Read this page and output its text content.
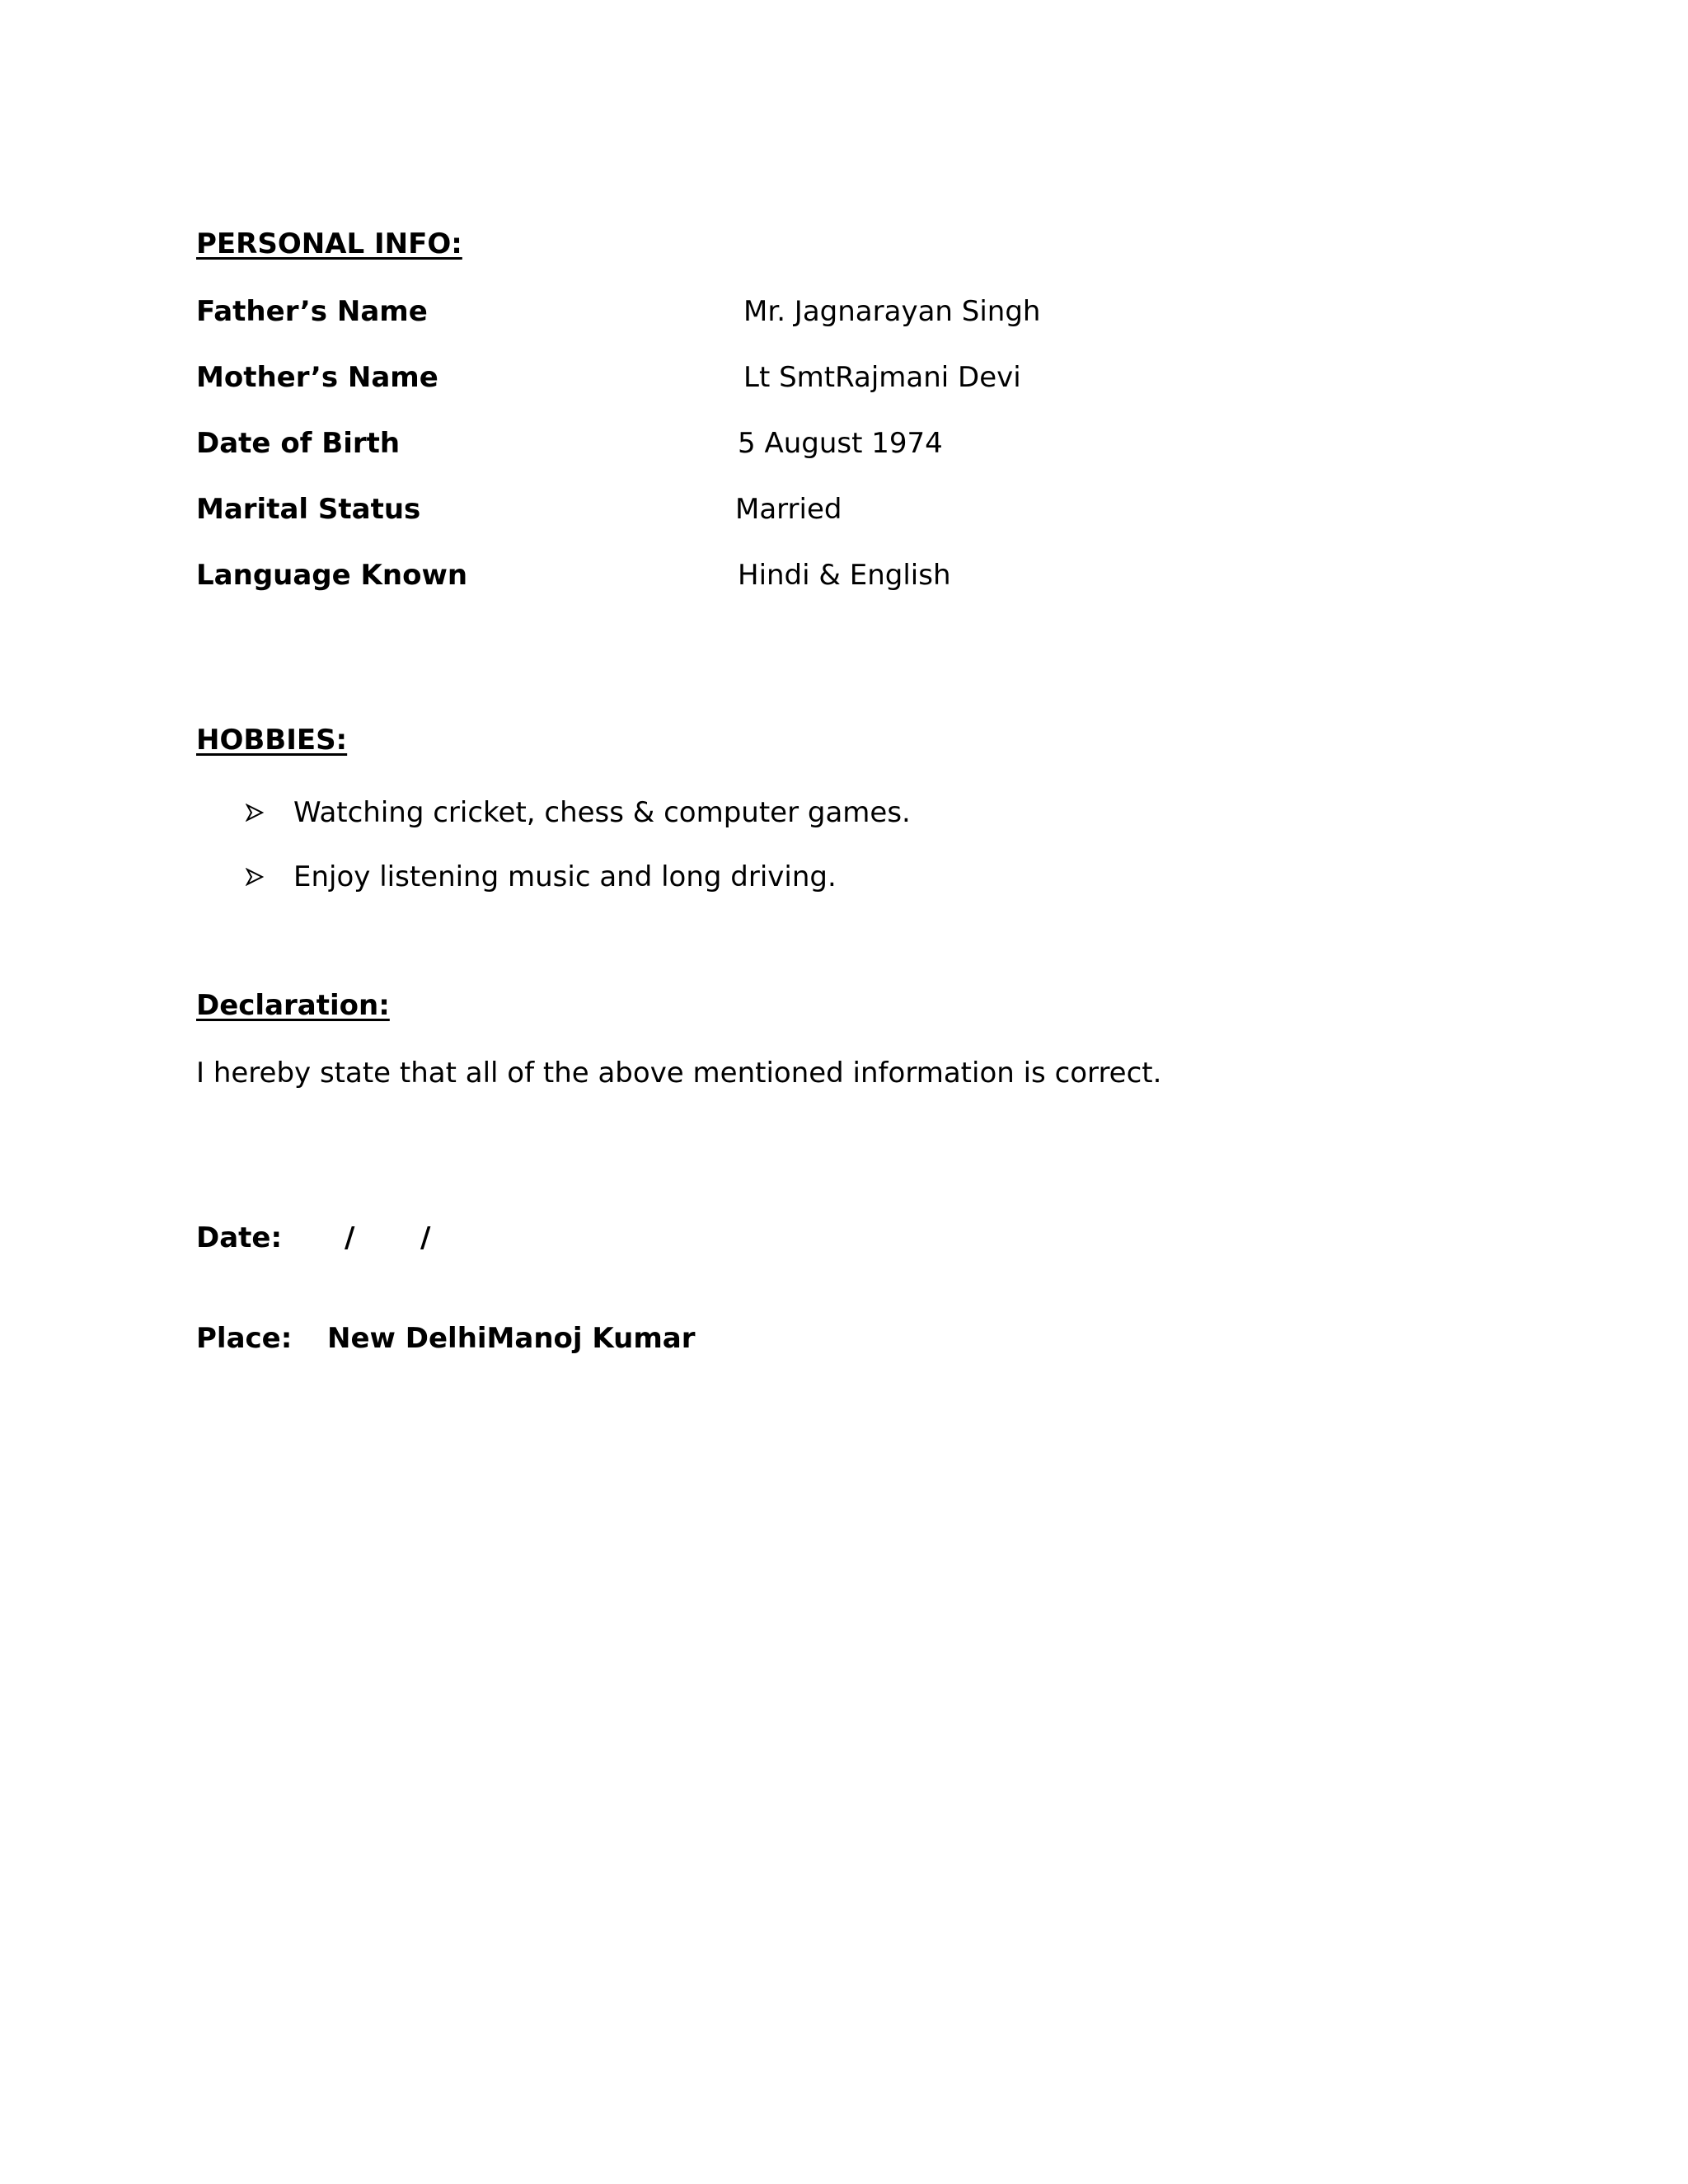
PERSONAL INFO:
Father’s Name	Mr. Jagnarayan Singh
Mother’s Name	Lt SmtRajmani Devi
Date of Birth	5 August 1974
Marital Status	Married
Language Known	Hindi & English
HOBBIES:
Watching cricket, chess & computer games.
Enjoy listening music and long driving.
Declaration:
I hereby state that all of the above mentioned information is correct.
Date: / /
Place: New DelhiManoj Kumar
